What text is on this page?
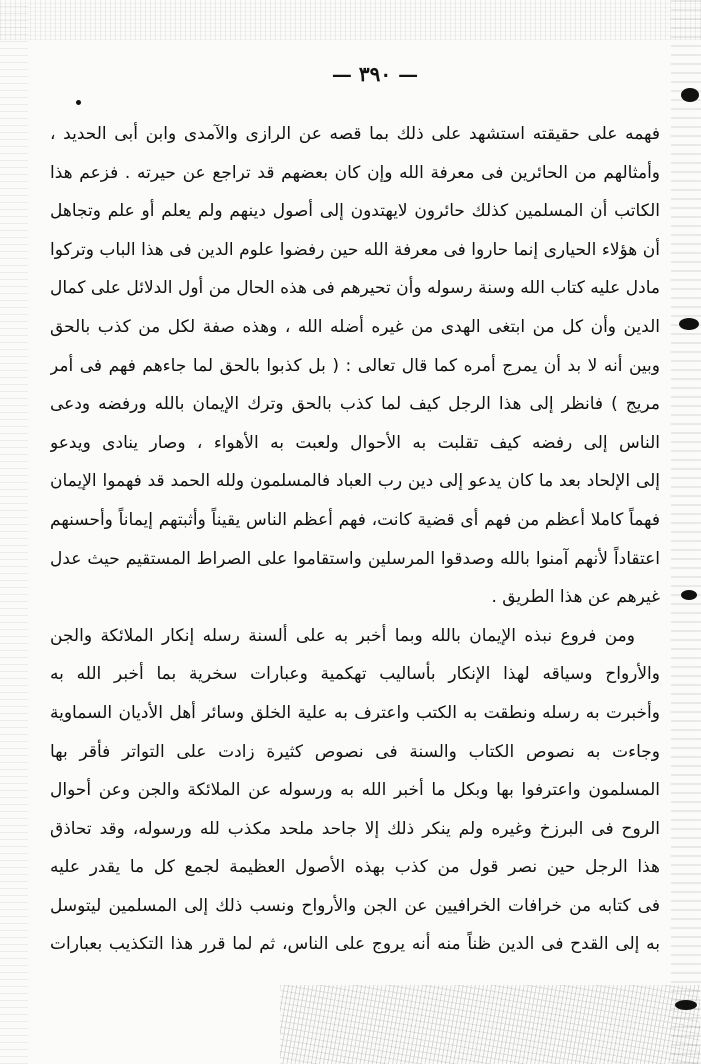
— ٣٩٠ —
فهمه على حقيقته استشهد على ذلك بما قصه عن الرازى والآمدى وابن أبى الحديد ،
وأمثالهم من الحائرين فى معرفة الله وإن كان بعضهم قد تراجع عن حيرته . فزعم هذا
الكاتب أن المسلمين كذلك حائرون لايهتدون إلى أصول دينهم ولم يعلم أو علم وتجاهل
أن هؤلاء الحيارى إنما حاروا فى معرفة الله حين رفضوا علوم الدين فى هذا الباب وتركوا
مادل عليه كتاب الله وسنة رسوله وأن تحيرهم فى هذه الحال من أول الدلائل على كمال
الدين وأن كل من ابتغى الهدى من غيره أضله الله ، وهذه صفة لكل من كذب بالحق
وبين أنه لا بد أن يمرج أمره كما قال تعالى : ( بل كذبوا بالحق لما جاءهم فهم فى أمر
مريج ) فانظر إلى هذا الرجل كيف لما كذب بالحق وترك الإيمان بالله ورفضه ودعى
الناس إلى رفضه كيف تقلبت به الأحوال ولعبت به الأهواء ، وصار ينادى ويدعو
إلى الإلحاد بعد ما كان يدعو إلى دين رب العباد فالمسلمون ولله الحمد قد فهموا الإيمان
فهماً كاملا أعظم من فهم أى قضية كانت، فهم أعظم الناس يقيناً وأثبتهم إيماناً وأحسنهم
اعتقاداً لأنهم آمنوا بالله وصدقوا المرسلين واستقاموا على الصراط المستقيم حيث عدل
غيرهم عن هذا الطريق .
ومن فروع نبذه الإيمان بالله وبما أخبر به على ألسنة رسله إنكار الملائكة والجن
والأرواح وسياقه لهذا الإنكار بأساليب تهكمية وعبارات سخرية بما أخبر الله به
وأخبرت به رسله ونطقت به الكتب واعترف به علية الخلق وسائر أهل الأديان السماوية
وجاءت به نصوص الكتاب والسنة فى نصوص كثيرة زادت على التواتر فأقر بها
المسلمون واعترفوا بها وبكل ما أخبر الله به ورسوله عن الملائكة والجن وعن أحوال
الروح فى البرزخ وغيره ولم ينكر ذلك إلا جاحد ملحد مكذب لله ورسوله، وقد تحاذق
هذا الرجل حين نصر قول من كذب بهذه الأصول العظيمة لجمع كل ما يقدر عليه
فى كتابه من خرافات الخرافيين عن الجن والأرواح ونسب ذلك إلى المسلمين ليتوسل
به إلى القدح فى الدين ظناً منه أنه يروج على الناس، ثم لما قرر هذا التكذيب بعبارات
